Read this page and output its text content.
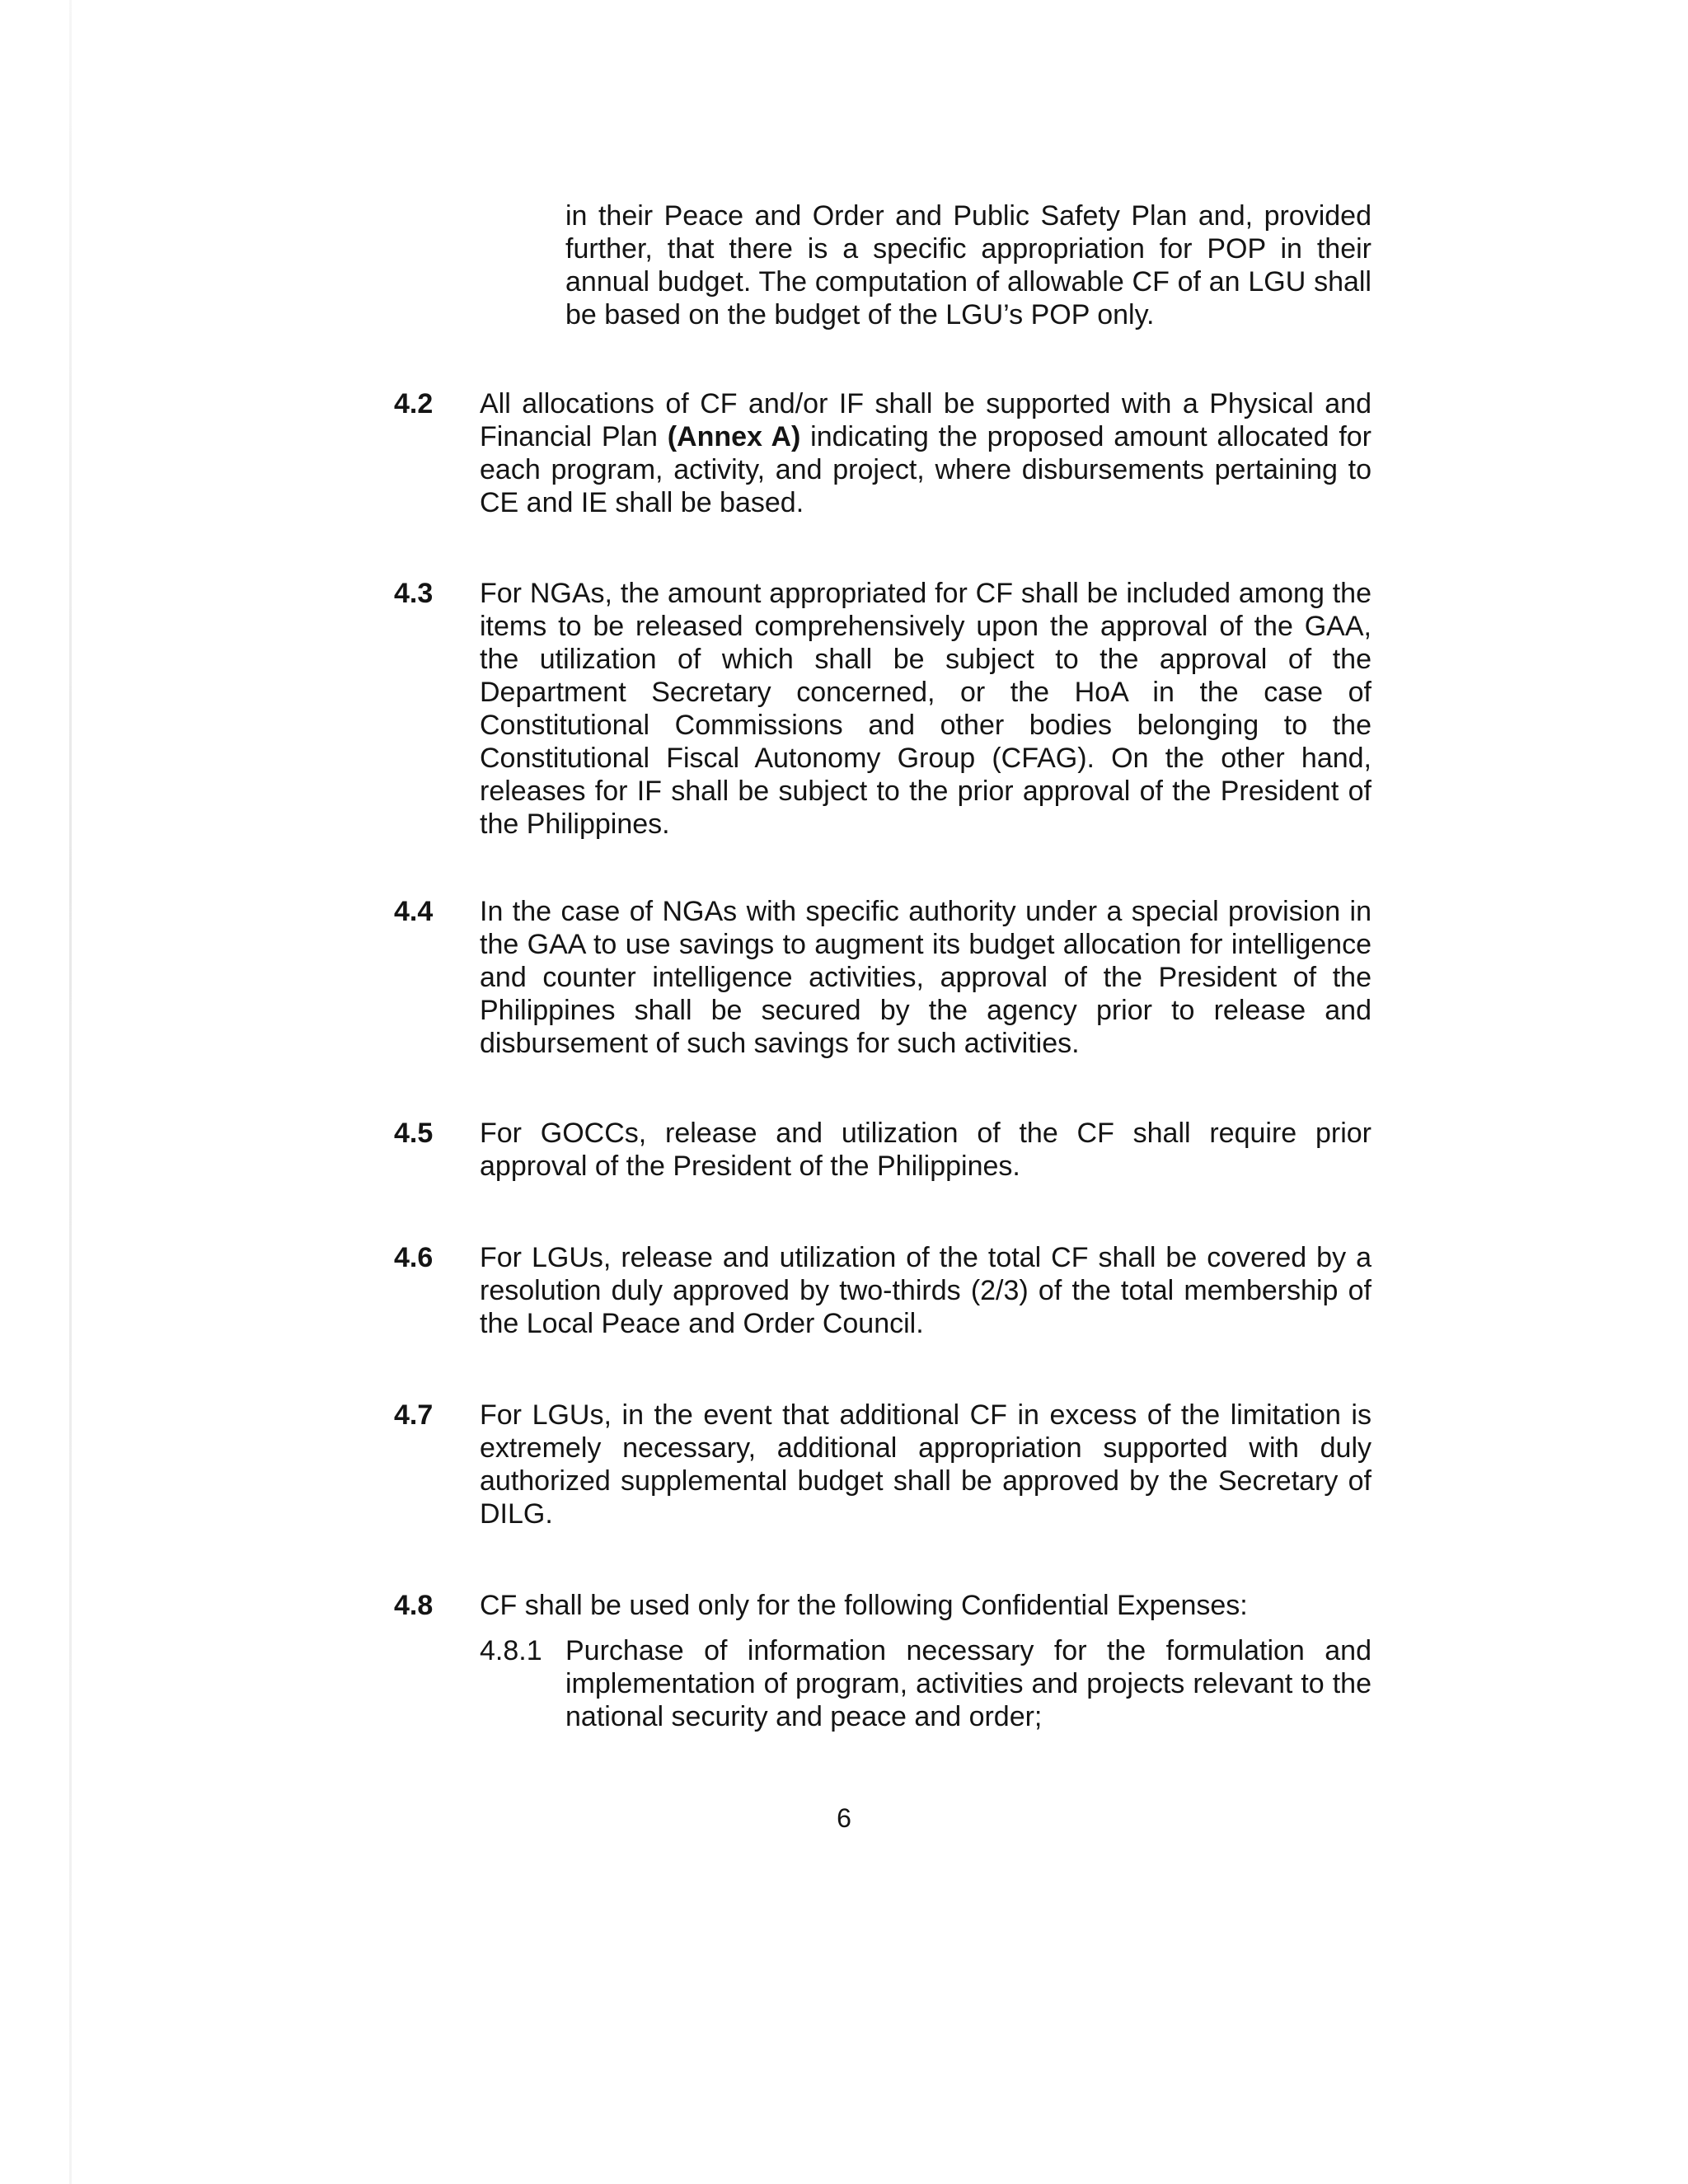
in their Peace and Order and Public Safety Plan and, provided further, that there is a specific appropriation for POP in their annual budget. The computation of allowable CF of an LGU shall be based on the budget of the LGU’s POP only.

4.2 All allocations of CF and/or IF shall be supported with a Physical and Financial Plan (Annex A) indicating the proposed amount allocated for each program, activity, and project, where disbursements pertaining to CE and IE shall be based.

4.3 For NGAs, the amount appropriated for CF shall be included among the items to be released comprehensively upon the approval of the GAA, the utilization of which shall be subject to the approval of the Department Secretary concerned, or the HoA in the case of Constitutional Commissions and other bodies belonging to the Constitutional Fiscal Autonomy Group (CFAG). On the other hand, releases for IF shall be subject to the prior approval of the President of the Philippines.

4.4 In the case of NGAs with specific authority under a special provision in the GAA to use savings to augment its budget allocation for intelligence and counter intelligence activities, approval of the President of the Philippines shall be secured by the agency prior to release and disbursement of such savings for such activities.

4.5 For GOCCs, release and utilization of the CF shall require prior approval of the President of the Philippines.

4.6 For LGUs, release and utilization of the total CF shall be covered by a resolution duly approved by two-thirds (2/3) of the total membership of the Local Peace and Order Council.

4.7 For LGUs, in the event that additional CF in excess of the limitation is extremely necessary, additional appropriation supported with duly authorized supplemental budget shall be approved by the Secretary of DILG.

4.8 CF shall be used only for the following Confidential Expenses:

4.8.1 Purchase of information necessary for the formulation and implementation of program, activities and projects relevant to the national security and peace and order;

6
